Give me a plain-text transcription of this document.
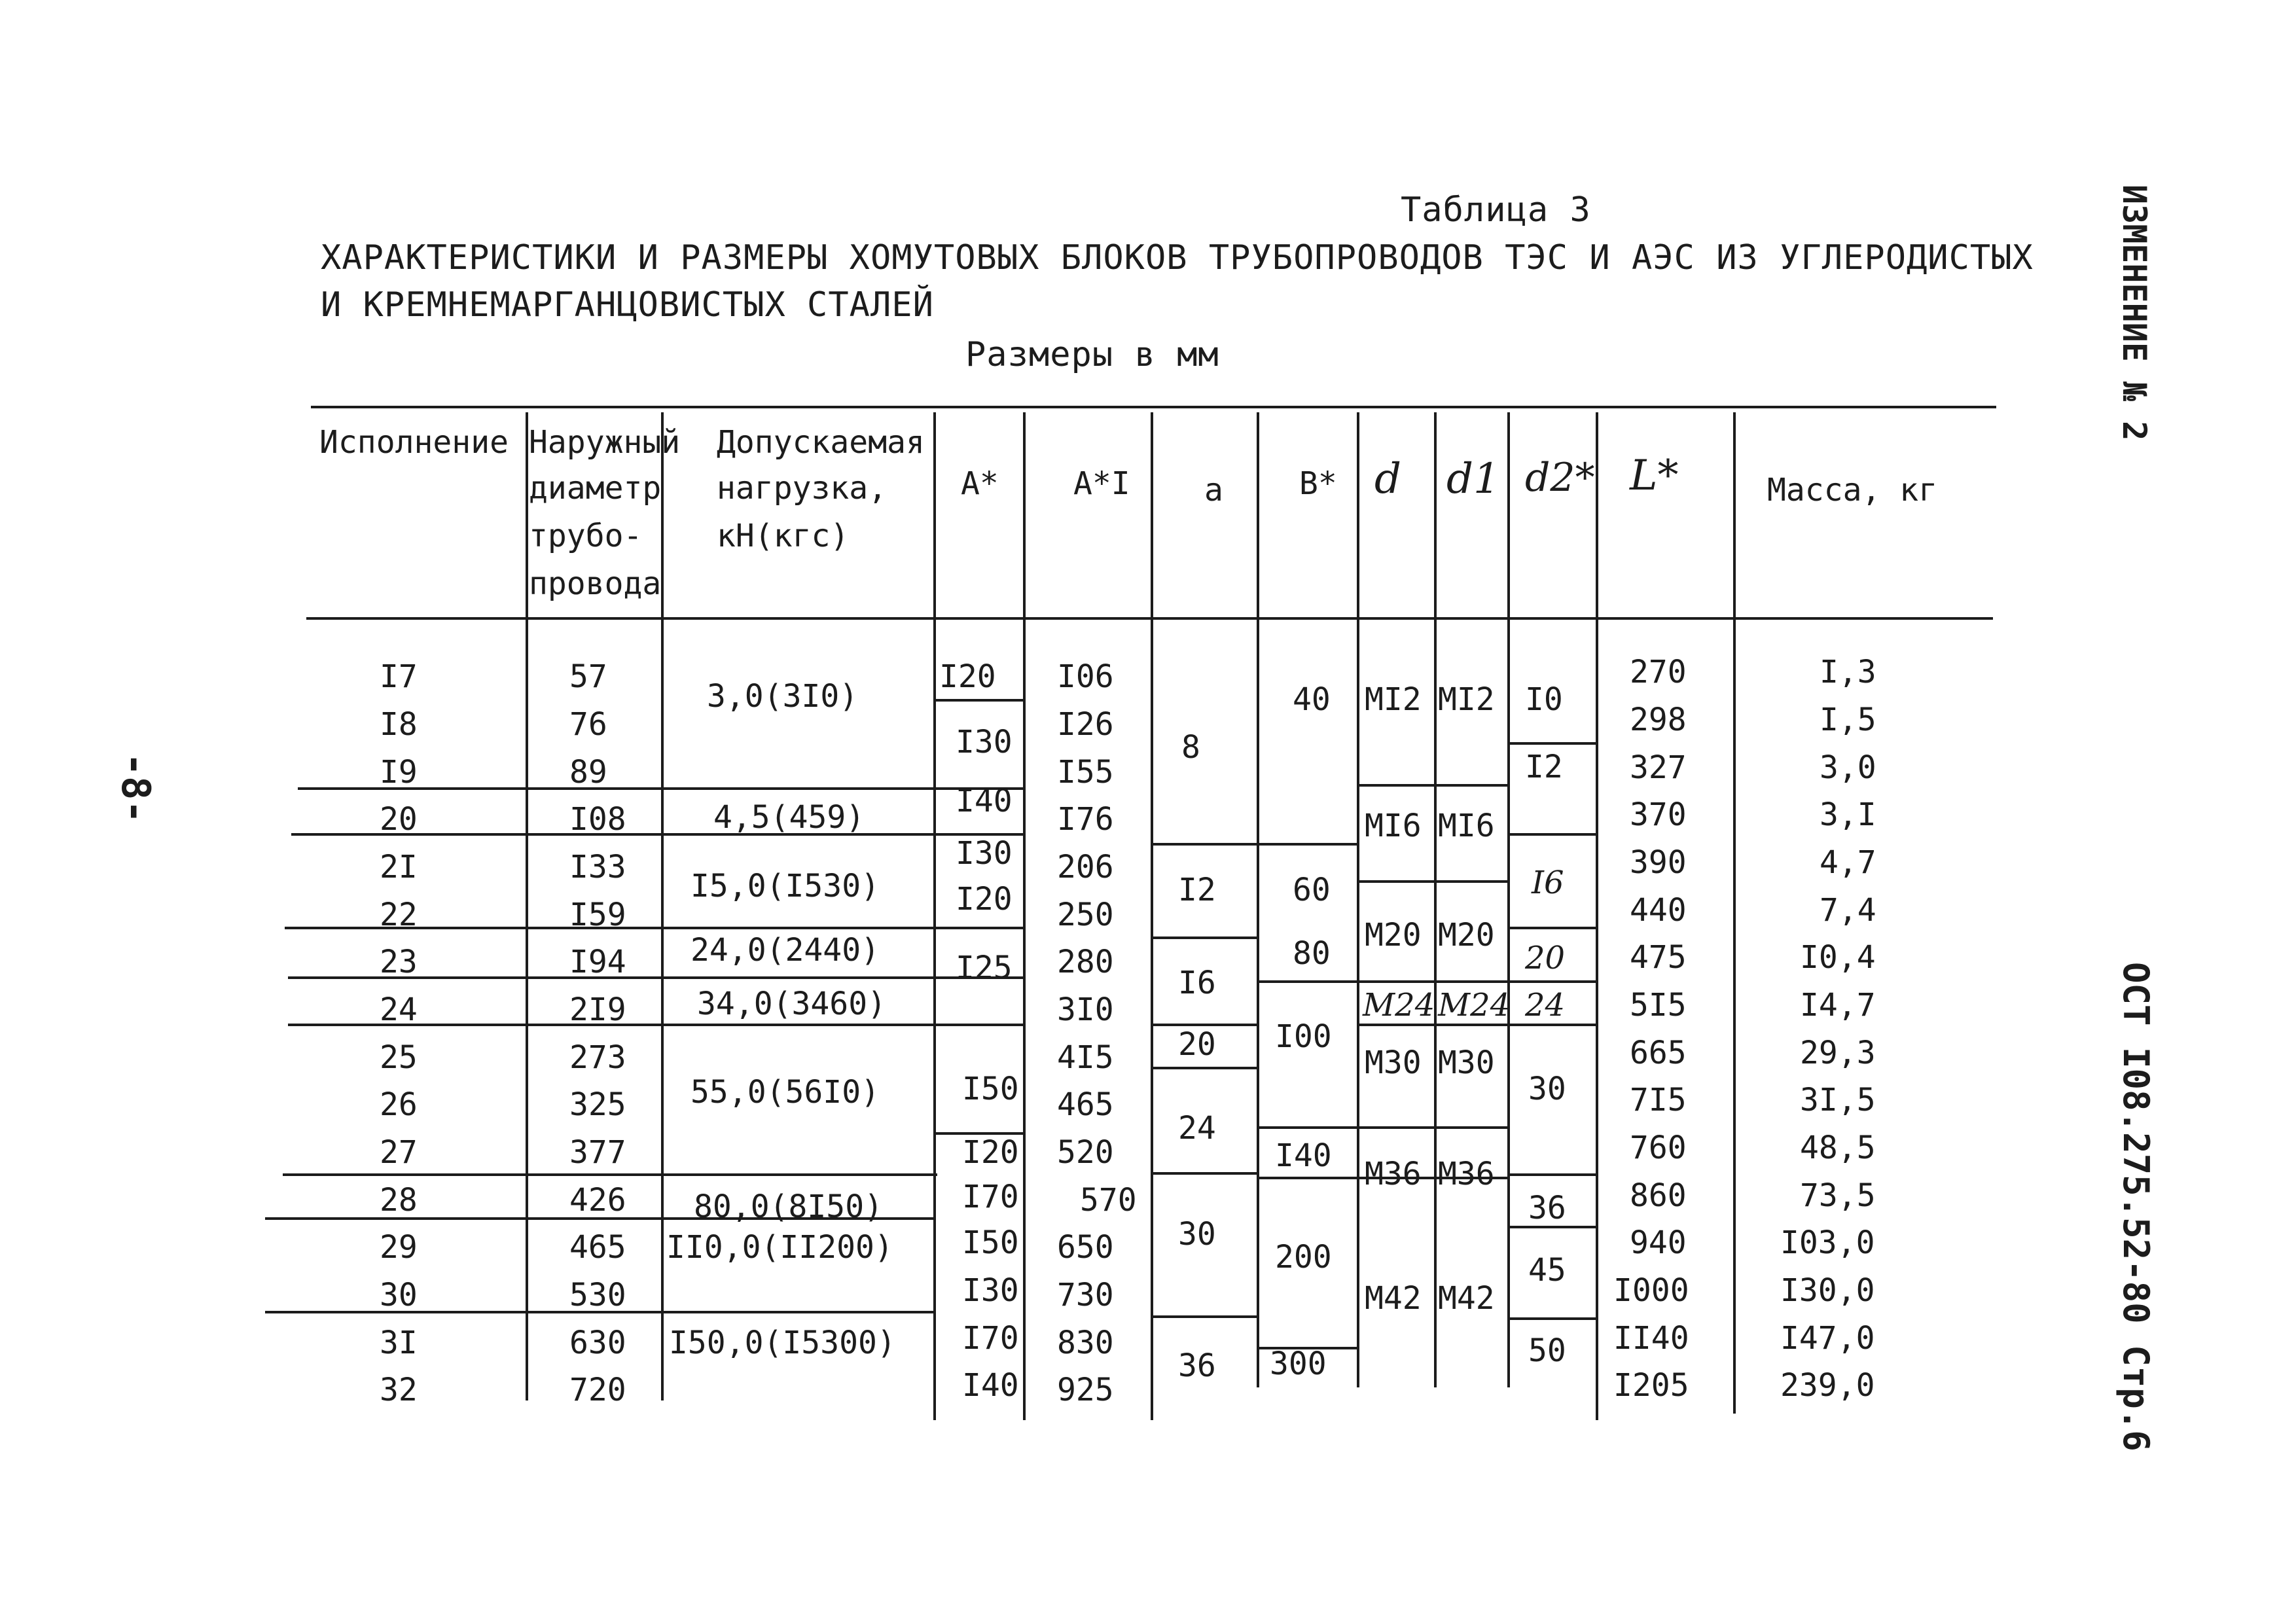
ИЗМЕНЕНИЕ № 2
ОСТ I08.275.52-80 Стр.6
-8-
Таблица 3
ХАРАКТЕРИСТИКИ И РАЗМЕРЫ ХОМУТОВЫХ БЛОКОВ ТРУБОПРОВОДОВ ТЭС И АЭС ИЗ УГЛЕРОДИСТЫХ
И КРЕМНЕМАРГАНЦОВИСТЫХ СТАЛЕЙ
Размеры в мм
Исполнение Наружный
диаметр
трубо-
провода
Допускаемая
нагрузка,
кН(кгс)
А* А*I а В* d d1 d2* L*	Масса, кг
I7
I8
I9
20
2I
22
23
24
25
26
27
28
29
30
3I
32
57
76
89
I08
I33
I59
I94
2I9
273
325
377
426
465
530
630
720
I06
I26
I55
I76
206
250
280
3I0
4I5
465
520
570
650
730
830
925
270
298
327
370
390
440
475
5I5
665
7I5
760
860
940
I000
II40
I205
I,3
I,5
3,0
3,I
4,7
7,4
I0,4
I4,7
29,3
3I,5
48,5
73,5
I03,0
I30,0
I47,0
239,0
3,0(3I0)
4,5(459)
I5,0(I530)
24,0(2440)
34,0(3460)
55,0(56I0)
80,0(8I50)
II0,0(II200)
I50,0(I5300)
I20
I30
I40
I30
I20
I25
I50
I20
I70
I50
I30
I70
I40
8
I2
I6
20
24
30
36
40
60
80
I00
I40
200
300
MI2
MI6
M20
M24
M30
M36
M42
MI2
MI6
M20
M24
M30
M36
M42
I0
I2
I6
20
24
30
36
45
50
